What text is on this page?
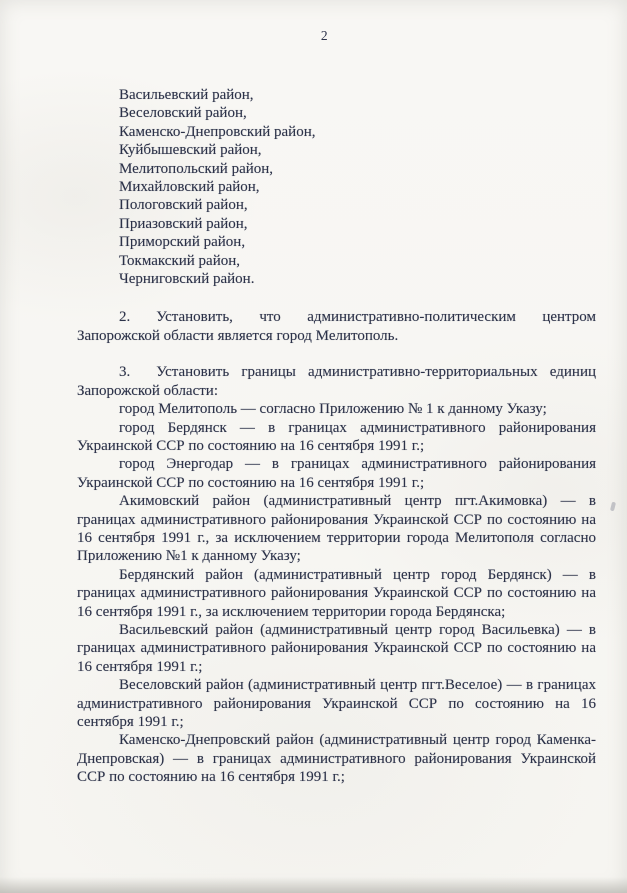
2
Васильевский район,
Веселовский район,
Каменско-Днепровский район,
Куйбышевский район,
Мелитопольский район,
Михайловский район,
Пологовский район,
Приазовский район,
Приморский район,
Токмакский район,
Черниговский район.

2. Установить, что административно-политическим центром Запорожской области является город Мелитополь.

3. Установить границы административно-территориальных единиц Запорожской области:

город Мелитополь — согласно Приложению № 1 к данному Указу;

город Бердянск — в границах административного районирования Украинской ССР по состоянию на 16 сентября 1991 г.;

город Энергодар — в границах административного районирования Украинской ССР по состоянию на 16 сентября 1991 г.;

Акимовский район (административный центр пгт.Акимовка) — в границах административного районирования Украинской ССР по состоянию на 16 сентября 1991 г., за исключением территории города Мелитополя согласно Приложению №1 к данному Указу;

Бердянский район (административный центр город Бердянск) — в границах административного районирования Украинской ССР по состоянию на 16 сентября 1991 г., за исключением территории города Бердянска;

Васильевский район (административный центр город Васильевка) — в границах административного районирования Украинской ССР по состоянию на 16 сентября 1991 г.;

Веселовский район (административный центр пгт.Веселое) — в границах административного районирования Украинской ССР по состоянию на 16 сентября 1991 г.;

Каменско-Днепровский район (административный центр город Каменка-Днепровская) — в границах административного районирования Украинской ССР по состоянию на 16 сентября 1991 г.;
